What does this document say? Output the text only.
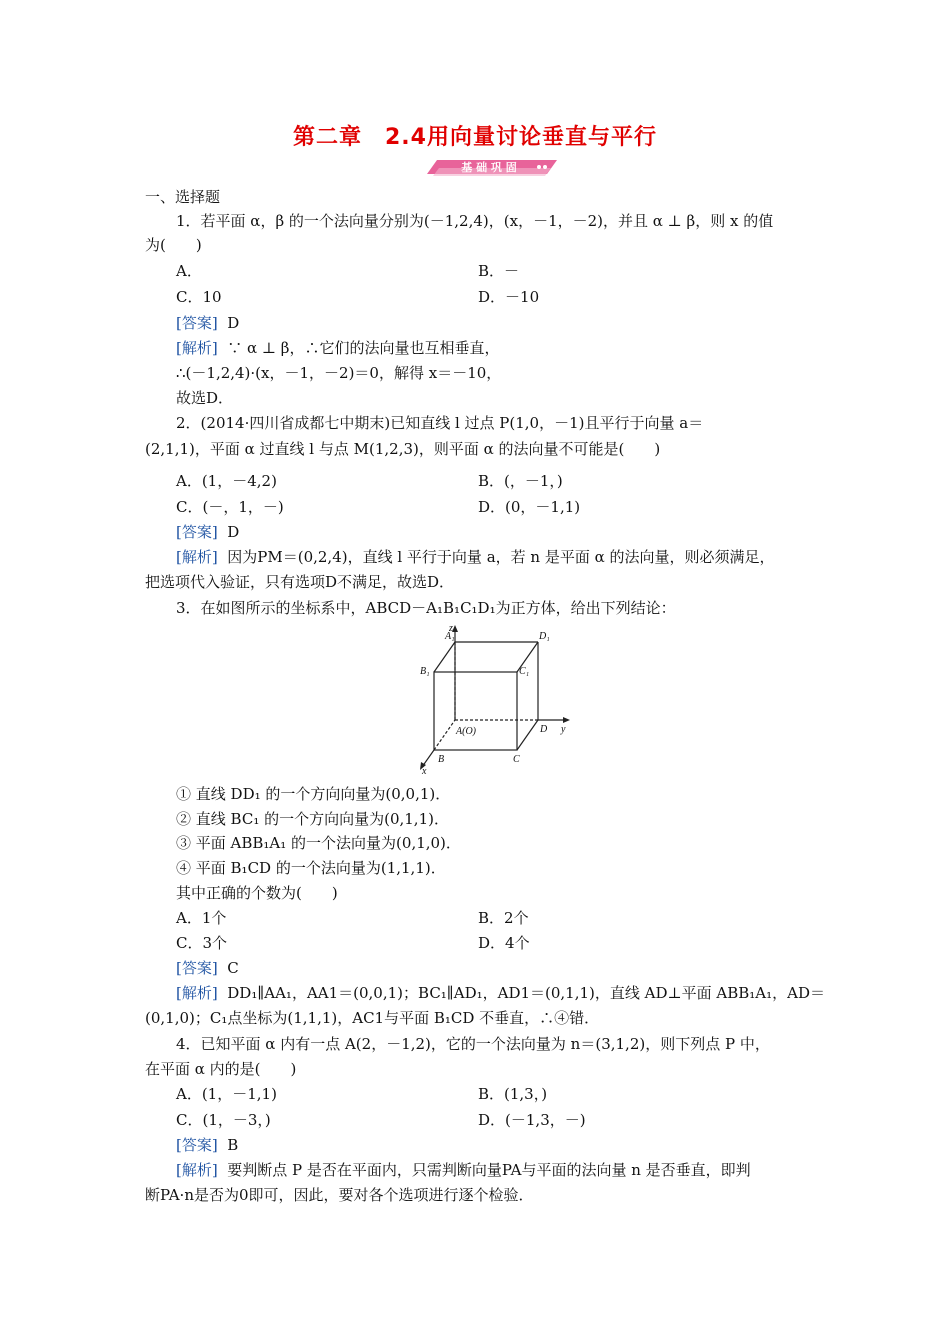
第二章　2.4用向量讨论垂直与平行
基 础 巩 固
一、选择题
1．若平面 α，β 的一个法向量分别为(－1,2,4)，(x，－1，－2)，并且 α ⊥ β，则 x 的值
为(　　)
A．	B．－
C．10	D．－10
[答案] D
[解析] ∵ α ⊥ β，∴它们的法向量也互相垂直，
∴(－1,2,4)·(x，－1，－2)＝0，解得 x＝－10，
故选D．
2．(2014·四川省成都七中期末)已知直线 l 过点 P(1,0，－1)且平行于向量 a＝
(2,1,1)，平面 α 过直线 l 与点 M(1,2,3)，则平面 α 的法向量不可能是(　　)
A．(1，－4,2)	B．(，－1，)
C．(－，1，－)	D．(0，－1,1)
[答案] D
[解析] 因为PM＝(0,2,4)，直线 l 平行于向量 a，若 n 是平面 α 的法向量，则必须满足，
把选项代入验证，只有选项D不满足，故选D．
3．在如图所示的坐标系中，ABCD－A₁B₁C₁D₁为正方体，给出下列结论：
z
y
x
A₁	D₁
B₁	C₁
A(O)	D
B	C
① 直线 DD₁ 的一个方向向量为(0,0,1)．
② 直线 BC₁ 的一个方向向量为(0,1,1)．
③ 平面 ABB₁A₁ 的一个法向量为(0,1,0)．
④ 平面 B₁CD 的一个法向量为(1,1,1)．
其中正确的个数为(　　)
A．1个	B．2个
C．3个	D．4个
[答案] C
[解析] DD₁∥AA₁，AA1＝(0,0,1)；BC₁∥AD₁，AD1＝(0,1,1)，直线 AD⊥平面 ABB₁A₁，AD＝
(0,1,0)；C₁点坐标为(1,1,1)，AC1与平面 B₁CD 不垂直，∴④错．
4．已知平面 α 内有一点 A(2，－1,2)，它的一个法向量为 n＝(3,1,2)，则下列点 P 中，
在平面 α 内的是(　　)
A．(1，－1,1)	B．(1,3，)
C．(1，－3，)	D．(－1,3，－)
[答案] B
[解析] 要判断点 P 是否在平面内，只需判断向量PA与平面的法向量 n 是否垂直，即判
断PA·n是否为0即可，因此，要对各个选项进行逐个检验．
